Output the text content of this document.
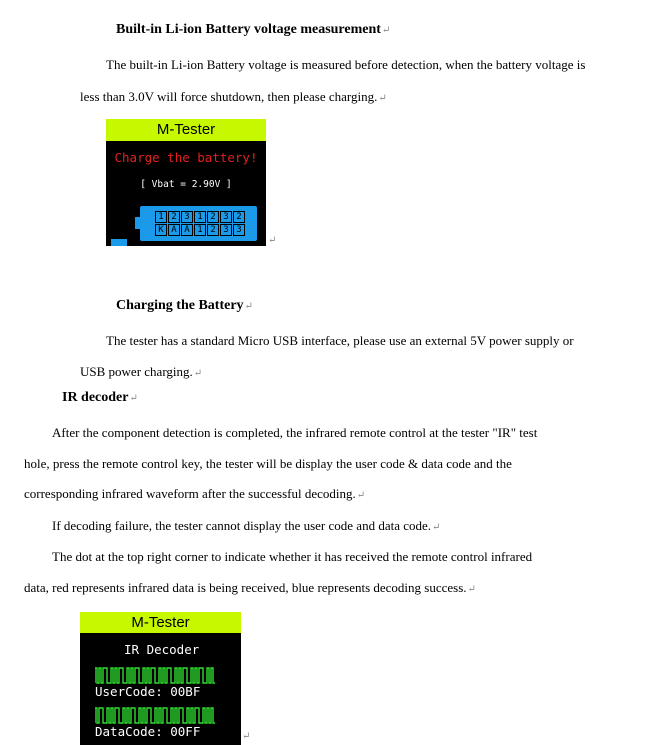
Built-in Li-ion Battery voltage measurement↵
The built-in Li-ion Battery voltage is measured before detection, when the battery voltage is
less than 3.0V will force shutdown, then please charging.↵
M-Tester
Charge the battery!
[ Vbat = 2.90V ]
1 2 3 1 2 3 2
K A A 1 2 3 3
↵
Charging the Battery↵
The tester has a standard Micro USB interface, please use an external 5V power supply or
USB power charging.↵
IR decoder↵
After the component detection is completed, the infrared remote control at the tester "IR" test
hole, press the remote control key, the tester will be display the user code & data code and the
corresponding infrared waveform after the successful decoding.↵
If decoding failure, the tester cannot display the user code and data code.↵
The dot at the top right corner to indicate whether it has received the remote control infrared
data, red represents infrared data is being received, blue represents decoding success.↵
M-Tester
IR Decoder
UserCode: 00BF
DataCode: 00FF	↵
